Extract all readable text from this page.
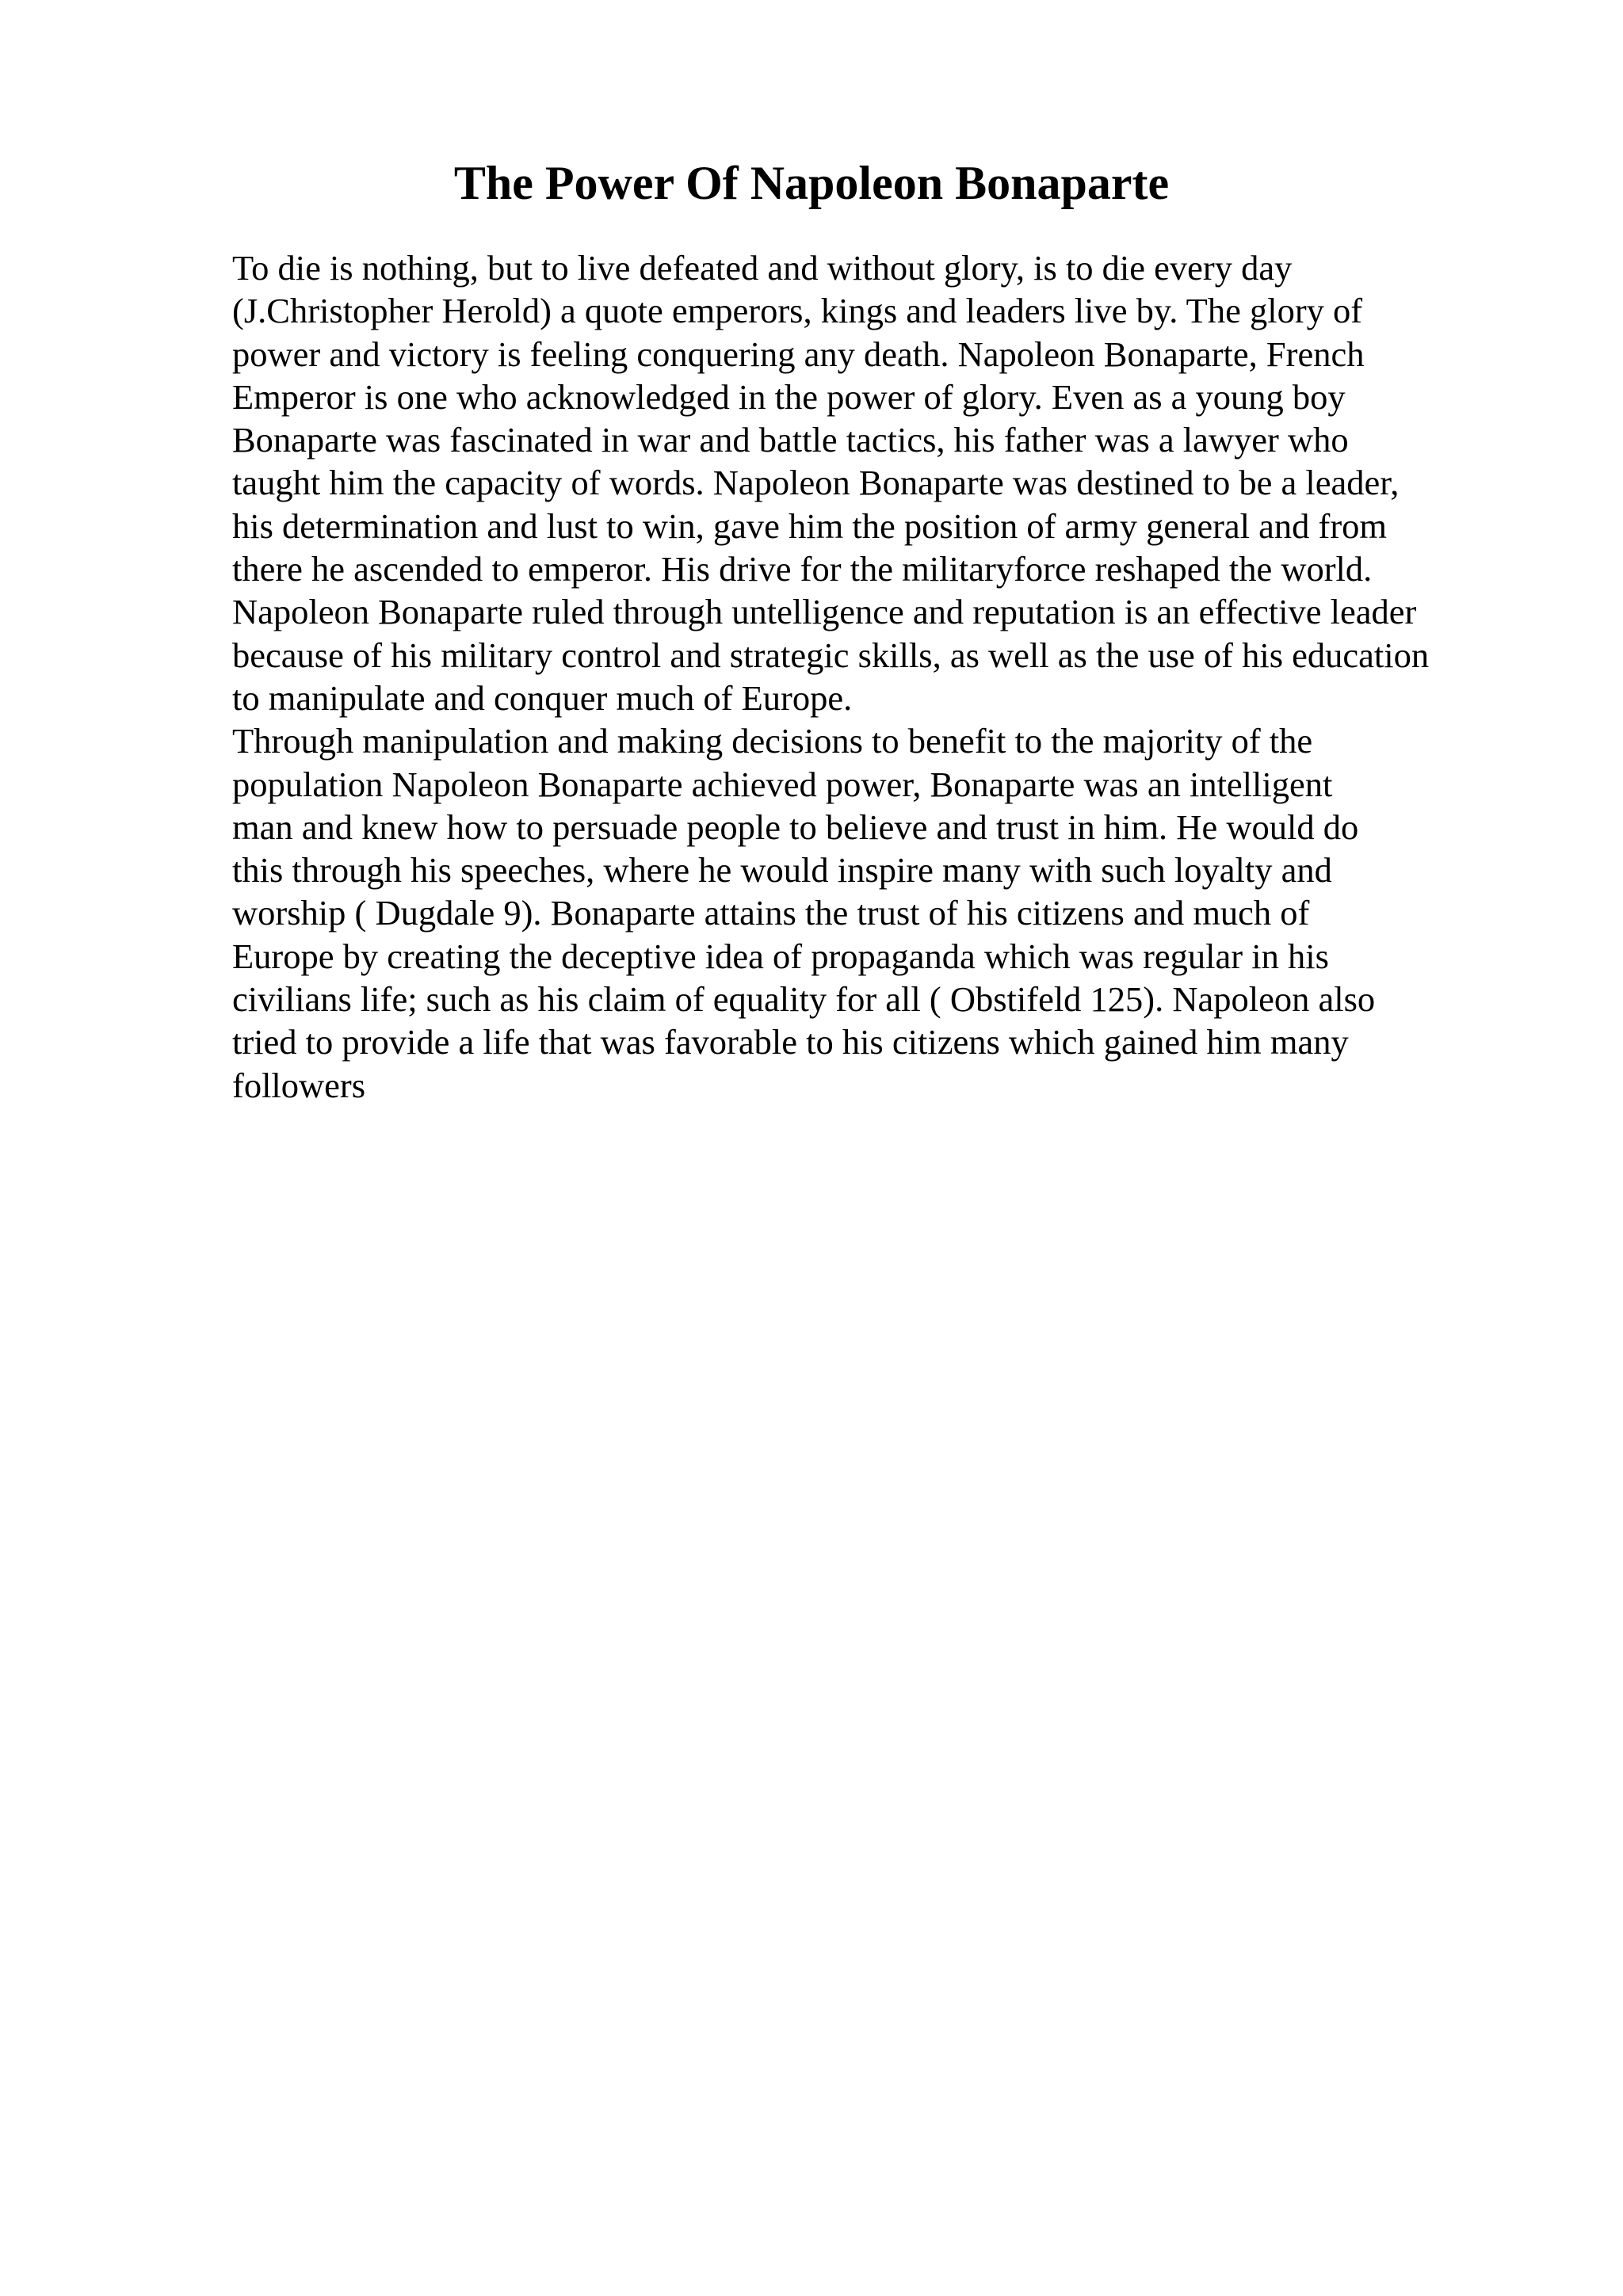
The Power Of Napoleon Bonaparte
To die is nothing, but to live defeated and without glory, is to die every day
(J.Christopher Herold) a quote emperors, kings and leaders live by. The glory of
power and victory is feeling conquering any death. Napoleon Bonaparte, French
Emperor is one who acknowledged in the power of glory. Even as a young boy
Bonaparte was fascinated in war and battle tactics, his father was a lawyer who
taught him the capacity of words. Napoleon Bonaparte was destined to be a leader,
his determination and lust to win, gave him the position of army general and from
there he ascended to emperor. His drive for the militaryforce reshaped the world.
Napoleon Bonaparte ruled through untelligence and reputation is an effective leader
because of his military control and strategic skills, as well as the use of his education
to manipulate and conquer much of Europe.
Through manipulation and making decisions to benefit to the majority of the
population Napoleon Bonaparte achieved power, Bonaparte was an intelligent
man and knew how to persuade people to believe and trust in him. He would do
this through his speeches, where he would inspire many with such loyalty and
worship ( Dugdale 9). Bonaparte attains the trust of his citizens and much of
Europe by creating the deceptive idea of propaganda which was regular in his
civilians life; such as his claim of equality for all ( Obstifeld 125). Napoleon also
tried to provide a life that was favorable to his citizens which gained him many
followers
